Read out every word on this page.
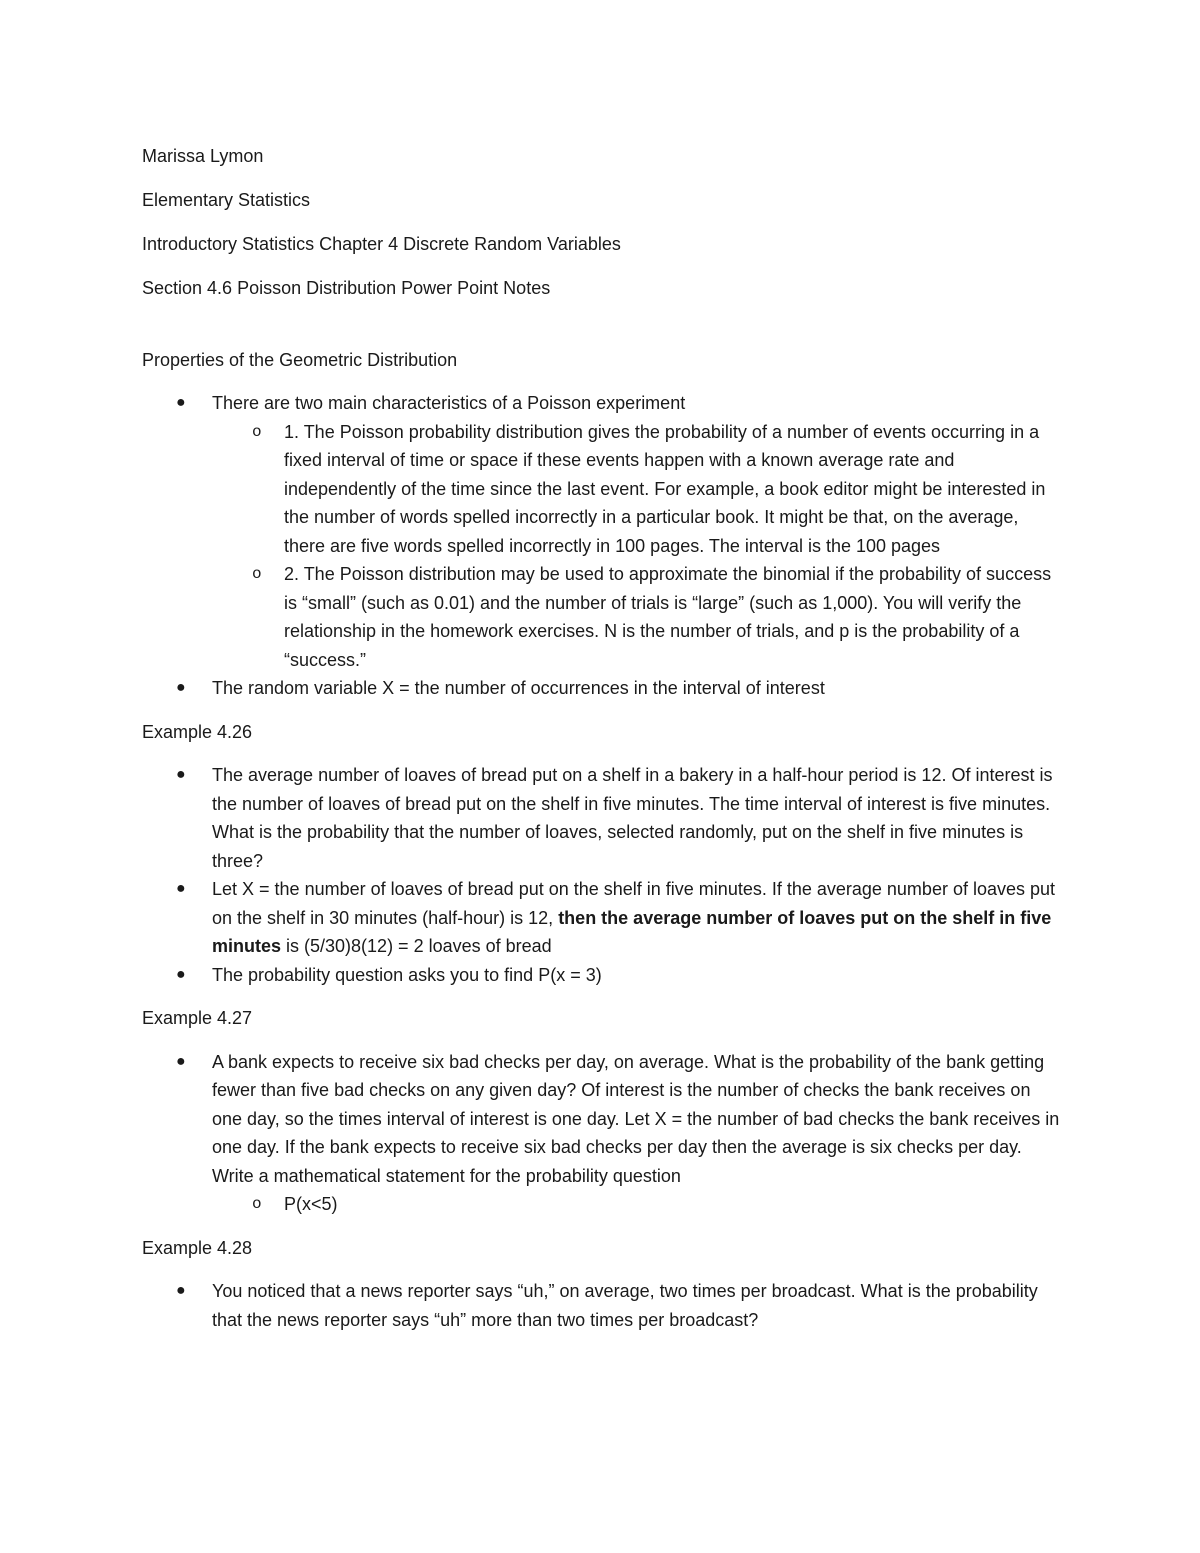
Marissa Lymon

Elementary Statistics

Introductory Statistics Chapter 4 Discrete Random Variables

Section 4.6 Poisson Distribution Power Point Notes

Properties of the Geometric Distribution

● There are two main characteristics of a Poisson experiment
o 1. The Poisson probability distribution gives the probability of a number of events occurring in a fixed interval of time or space if these events happen with a known average rate and independently of the time since the last event. For example, a book editor might be interested in the number of words spelled incorrectly in a particular book. It might be that, on the average, there are five words spelled incorrectly in 100 pages. The interval is the 100 pages
o 2. The Poisson distribution may be used to approximate the binomial if the probability of success is “small” (such as 0.01) and the number of trials is “large” (such as 1,000). You will verify the relationship in the homework exercises. N is the number of trials, and p is the probability of a “success.”
● The random variable X = the number of occurrences in the interval of interest

Example 4.26

● The average number of loaves of bread put on a shelf in a bakery in a half-hour period is 12. Of interest is the number of loaves of bread put on the shelf in five minutes. The time interval of interest is five minutes. What is the probability that the number of loaves, selected randomly, put on the shelf in five minutes is three?
● Let X = the number of loaves of bread put on the shelf in five minutes. If the average number of loaves put on the shelf in 30 minutes (half-hour) is 12, then the average number of loaves put on the shelf in five minutes is (5/30)8(12) = 2 loaves of bread
● The probability question asks you to find P(x = 3)

Example 4.27

● A bank expects to receive six bad checks per day, on average. What is the probability of the bank getting fewer than five bad checks on any given day? Of interest is the number of checks the bank receives on one day, so the times interval of interest is one day. Let X = the number of bad checks the bank receives in one day. If the bank expects to receive six bad checks per day then the average is six checks per day. Write a mathematical statement for the probability question
o P(x<5)

Example 4.28

● You noticed that a news reporter says “uh,” on average, two times per broadcast. What is the probability that the news reporter says “uh” more than two times per broadcast?
